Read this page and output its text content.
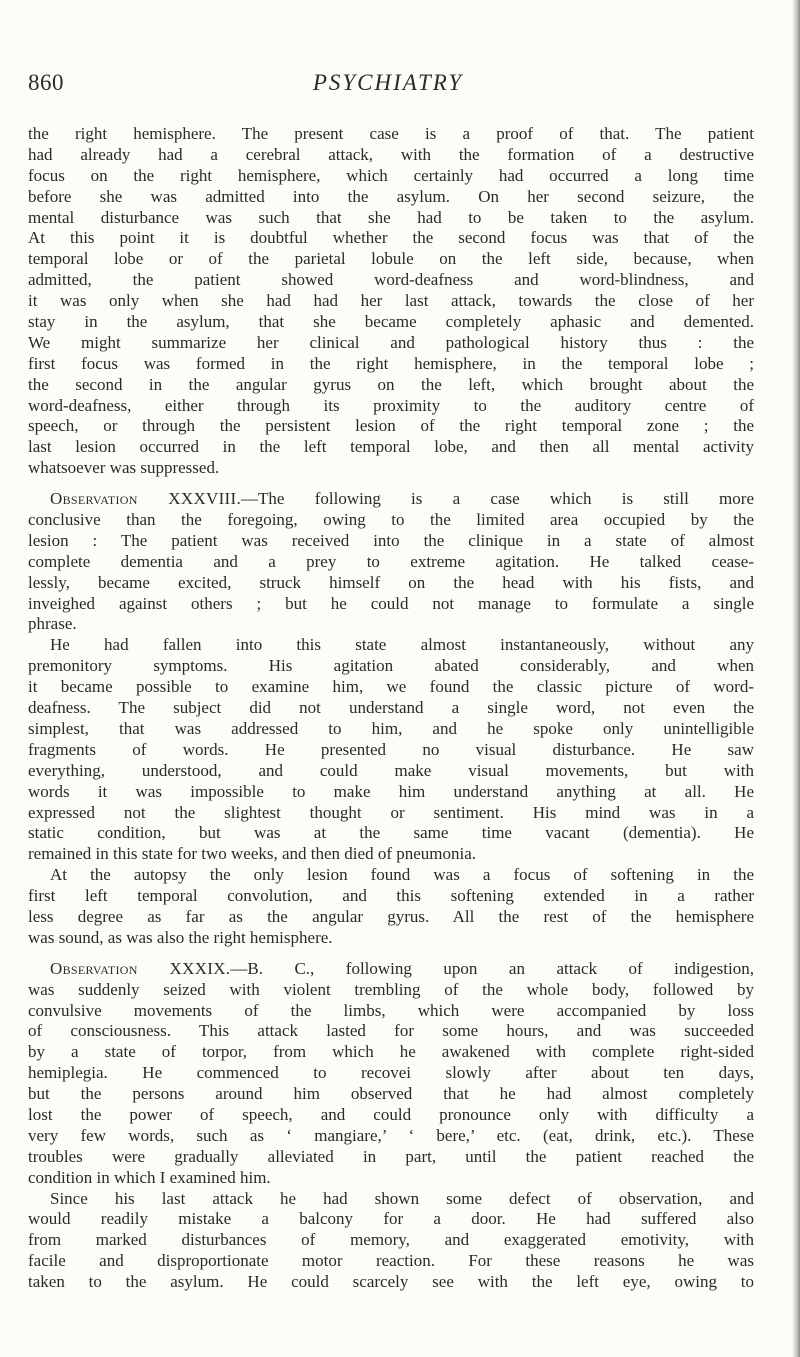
860	PSYCHIATRY
the right hemisphere. The present case is a proof of that. The patient
had already had a cerebral attack, with the formation of a destructive
focus on the right hemisphere, which certainly had occurred a long time
before she was admitted into the asylum. On her second seizure, the
mental disturbance was such that she had to be taken to the asylum.
At this point it is doubtful whether the second focus was that of the
temporal lobe or of the parietal lobule on the left side, because, when
admitted, the patient showed word-deafness and word-blindness, and
it was only when she had had her last attack, towards the close of her
stay in the asylum, that she became completely aphasic and demented.
We might summarize her clinical and pathological history thus : the
first focus was formed in the right hemisphere, in the temporal lobe ;
the second in the angular gyrus on the left, which brought about the
word-deafness, either through its proximity to the auditory centre of
speech, or through the persistent lesion of the right temporal zone ; the
last lesion occurred in the left temporal lobe, and then all mental activity
whatsoever was suppressed.
Observation XXXVIII.—The following is a case which is still more
conclusive than the foregoing, owing to the limited area occupied by the
lesion : The patient was received into the clinique in a state of almost
complete dementia and a prey to extreme agitation. He talked cease-
lessly, became excited, struck himself on the head with his fists, and
inveighed against others ; but he could not manage to formulate a single
phrase.
He had fallen into this state almost instantaneously, without any
premonitory symptoms. His agitation abated considerably, and when
it became possible to examine him, we found the classic picture of word-
deafness. The subject did not understand a single word, not even the
simplest, that was addressed to him, and he spoke only unintelligible
fragments of words. He presented no visual disturbance. He saw
everything, understood, and could make visual movements, but with
words it was impossible to make him understand anything at all. He
expressed not the slightest thought or sentiment. His mind was in a
static condition, but was at the same time vacant (dementia). He
remained in this state for two weeks, and then died of pneumonia.
At the autopsy the only lesion found was a focus of softening in the
first left temporal convolution, and this softening extended in a rather
less degree as far as the angular gyrus. All the rest of the hemisphere
was sound, as was also the right hemisphere.
Observation XXXIX.—B. C., following upon an attack of indigestion,
was suddenly seized with violent trembling of the whole body, followed by
convulsive movements of the limbs, which were accompanied by loss
of consciousness. This attack lasted for some hours, and was succeeded
by a state of torpor, from which he awakened with complete right-sided
hemiplegia. He commenced to recovei slowly after about ten days,
but the persons around him observed that he had almost completely
lost the power of speech, and could pronounce only with difficulty a
very few words, such as ‘ mangiare,’ ‘ bere,’ etc. (eat, drink, etc.). These
troubles were gradually alleviated in part, until the patient reached the
condition in which I examined him.
Since his last attack he had shown some defect of observation, and
would readily mistake a balcony for a door. He had suffered also
from marked disturbances of memory, and exaggerated emotivity, with
facile and disproportionate motor reaction. For these reasons he was
taken to the asylum. He could scarcely see with the left eye, owing to
